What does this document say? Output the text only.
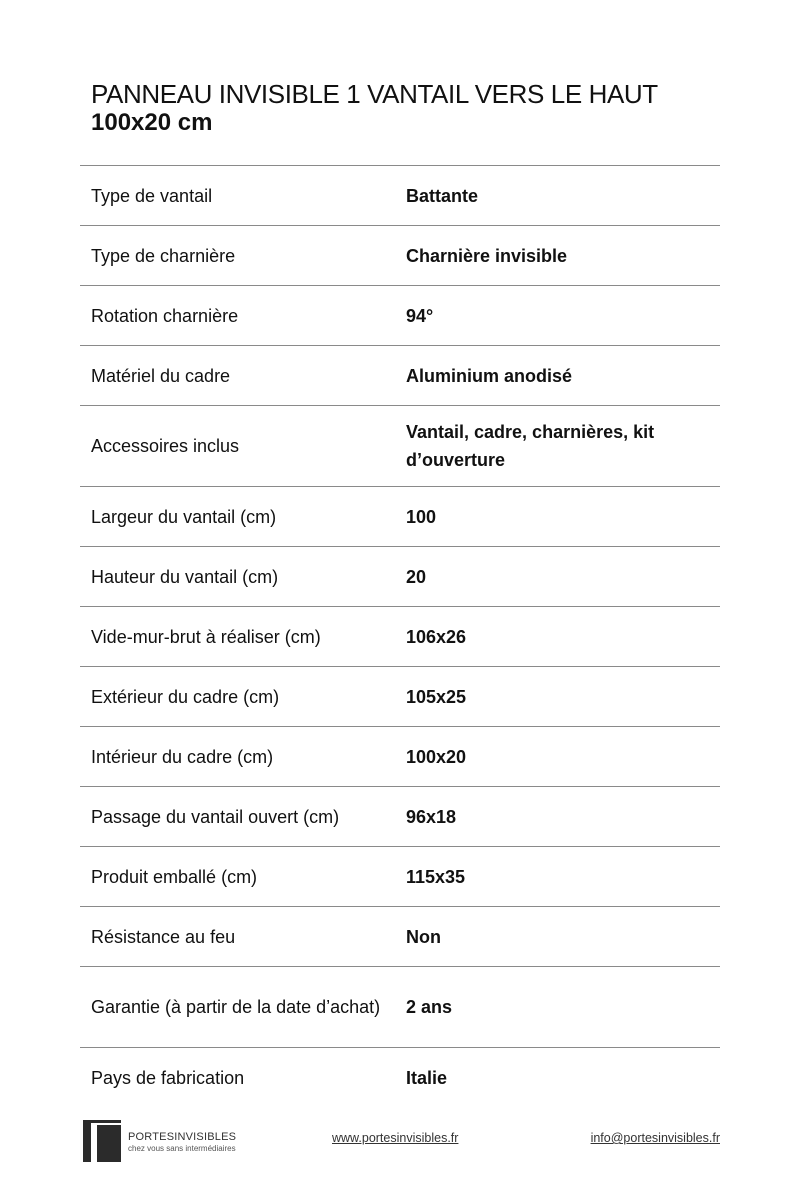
PANNEAU INVISIBLE 1 VANTAIL VERS LE HAUT
100x20 cm
Type de vantail	Battante
Type de charnière	Charnière invisible
Rotation charnière	94°
Matériel du cadre	Aluminium anodisé
Accessoires inclus	Vantail, cadre, charnières, kit d’ouverture
Largeur du vantail (cm)	100
Hauteur du vantail (cm)	20
Vide-mur-brut à réaliser (cm)	106x26
Extérieur du cadre (cm)	105x25
Intérieur du cadre (cm)	100x20
Passage du vantail ouvert (cm)	96x18
Produit emballé (cm)	115x35
Résistance au feu	Non
Garantie (à partir de la date d’achat)	2 ans
Pays de fabrication	Italie
PORTESINVISIBLES
chez vous sans intermédiaires
www.portesinvisibles.fr	info@portesinvisibles.fr
